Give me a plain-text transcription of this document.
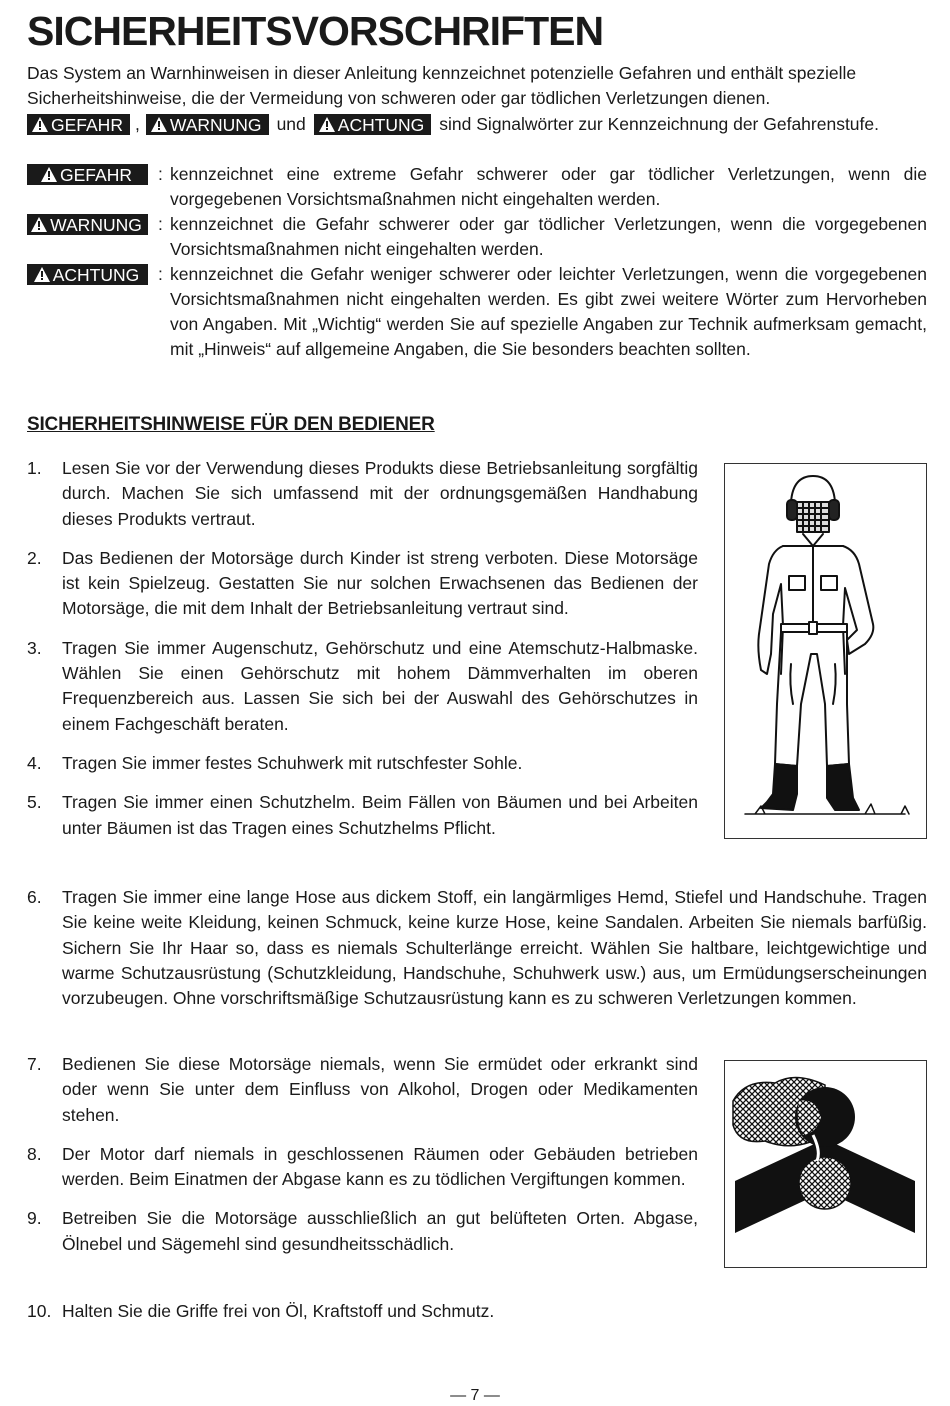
SICHERHEITSVORSCHRIFTEN

Das System an Warnhinweisen in dieser Anleitung kennzeichnet potenzielle Gefahren und enthält spezielle Sicherheitshinweise, die der Vermeidung von schweren oder gar tödlichen Verletzungen dienen.

GEFAHR , WARNUNG und ACHTUNG sind Signalwörter zur Kennzeichnung der Gefahrenstufe.
GEFAHR : kennzeichnet eine extreme Gefahr schwerer oder gar tödlicher Verletzungen, wenn die vorgegebenen Vorsichtsmaßnahmen nicht eingehalten werden.
WARNUNG : kennzeichnet die Gefahr schwerer oder gar tödlicher Verletzungen, wenn die vorgegebenen Vorsichtsmaßnahmen nicht eingehalten werden.
ACHTUNG : kennzeichnet die Gefahr weniger schwerer oder leichter Verletzungen, wenn die vorgegebenen Vorsichtsmaßnahmen nicht eingehalten werden. Es gibt zwei weitere Wörter zum Hervorheben von Angaben. Mit „Wichtig“ werden Sie auf spezielle Angaben zur Technik aufmerksam gemacht, mit „Hinweis“ auf allgemeine Angaben, die Sie besonders beachten sollten.
SICHERHEITSHINWEISE FÜR DEN BEDIENER
1.	Lesen Sie vor der Verwendung dieses Produkts diese Betriebsanleitung sorgfältig durch. Machen Sie sich umfassend mit der ordnungsgemäßen Handhabung dieses Produkts vertraut.
2.	Das Bedienen der Motorsäge durch Kinder ist streng verboten. Diese Motorsäge ist kein Spielzeug. Gestatten Sie nur solchen Erwachsenen das Bedienen der Motorsäge, die mit dem Inhalt der Betriebsanleitung vertraut sind.
3.	Tragen Sie immer Augenschutz, Gehörschutz und eine Atemschutz-Halbmaske. Wählen Sie einen Gehörschutz mit hohem Dämmverhalten im oberen Frequenzbereich aus. Lassen Sie sich bei der Auswahl des Gehörschutzes in einem Fachgeschäft beraten.
4.	Tragen Sie immer festes Schuhwerk mit rutschfester Sohle.
5.	Tragen Sie immer einen Schutzhelm. Beim Fällen von Bäumen und bei Arbeiten unter Bäumen ist das Tragen eines Schutzhelms Pflicht.
6.	Tragen Sie immer eine lange Hose aus dickem Stoff, ein langärmliges Hemd, Stiefel und Handschuhe. Tragen Sie keine weite Kleidung, keinen Schmuck, keine kurze Hose, keine Sandalen. Arbeiten Sie niemals barfüßig. Sichern Sie Ihr Haar so, dass es niemals Schulterlänge erreicht. Wählen Sie haltbare, leichtgewichtige und warme Schutzausrüstung (Schutzkleidung, Handschuhe, Schuhwerk usw.) aus, um Ermüdungserscheinungen vorzubeugen. Ohne vorschriftsmäßige Schutzausrüstung kann es zu schweren Verletzungen kommen.
7.	Bedienen Sie diese Motorsäge niemals, wenn Sie ermüdet oder erkrankt sind oder wenn Sie unter dem Einfluss von Alkohol, Drogen oder Medikamenten stehen.
8.	Der Motor darf niemals in geschlossenen Räumen oder Gebäuden betrieben werden. Beim Einatmen der Abgase kann es zu tödlichen Vergiftungen kommen.
9.	Betreiben Sie die Motorsäge ausschließlich an gut belüfteten Orten. Abgase, Ölnebel und Sägemehl sind gesundheitsschädlich.
10. Halten Sie die Griffe frei von Öl, Kraftstoff und Schmutz.
— 7 —
